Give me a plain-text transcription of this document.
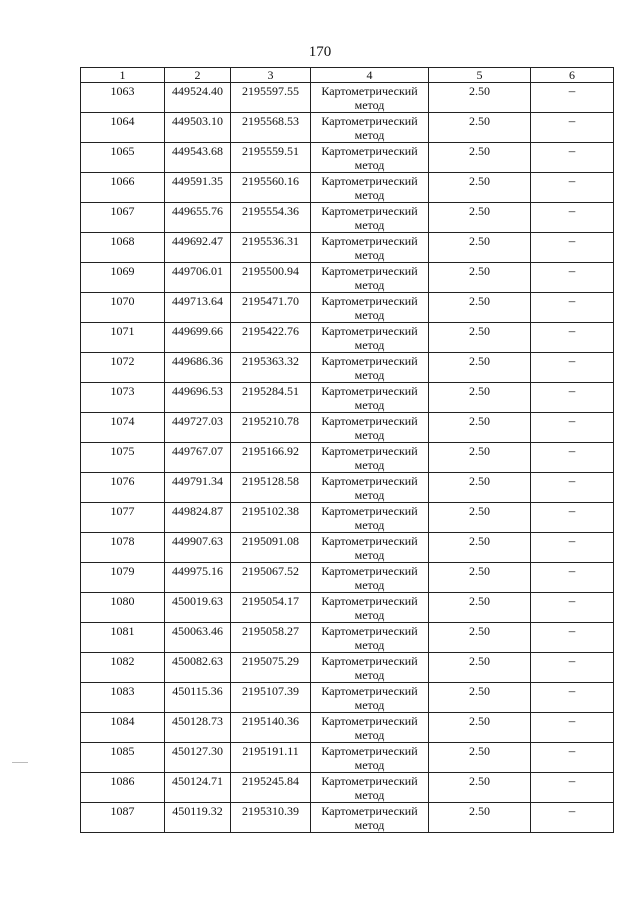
170
1	2	3	4	5	6
1063	449524.40	2195597.55	Картометрический метод	2.50	–
1064	449503.10	2195568.53	Картометрический метод	2.50	–
1065	449543.68	2195559.51	Картометрический метод	2.50	–
1066	449591.35	2195560.16	Картометрический метод	2.50	–
1067	449655.76	2195554.36	Картометрический метод	2.50	–
1068	449692.47	2195536.31	Картометрический метод	2.50	–
1069	449706.01	2195500.94	Картометрический метод	2.50	–
1070	449713.64	2195471.70	Картометрический метод	2.50	–
1071	449699.66	2195422.76	Картометрический метод	2.50	–
1072	449686.36	2195363.32	Картометрический метод	2.50	–
1073	449696.53	2195284.51	Картометрический метод	2.50	–
1074	449727.03	2195210.78	Картометрический метод	2.50	–
1075	449767.07	2195166.92	Картометрический метод	2.50	–
1076	449791.34	2195128.58	Картометрический метод	2.50	–
1077	449824.87	2195102.38	Картометрический метод	2.50	–
1078	449907.63	2195091.08	Картометрический метод	2.50	–
1079	449975.16	2195067.52	Картометрический метод	2.50	–
1080	450019.63	2195054.17	Картометрический метод	2.50	–
1081	450063.46	2195058.27	Картометрический метод	2.50	–
1082	450082.63	2195075.29	Картометрический метод	2.50	–
1083	450115.36	2195107.39	Картометрический метод	2.50	–
1084	450128.73	2195140.36	Картометрический метод	2.50	–
1085	450127.30	2195191.11	Картометрический метод	2.50	–
1086	450124.71	2195245.84	Картометрический метод	2.50	–
1087	450119.32	2195310.39	Картометрический метод	2.50	–
